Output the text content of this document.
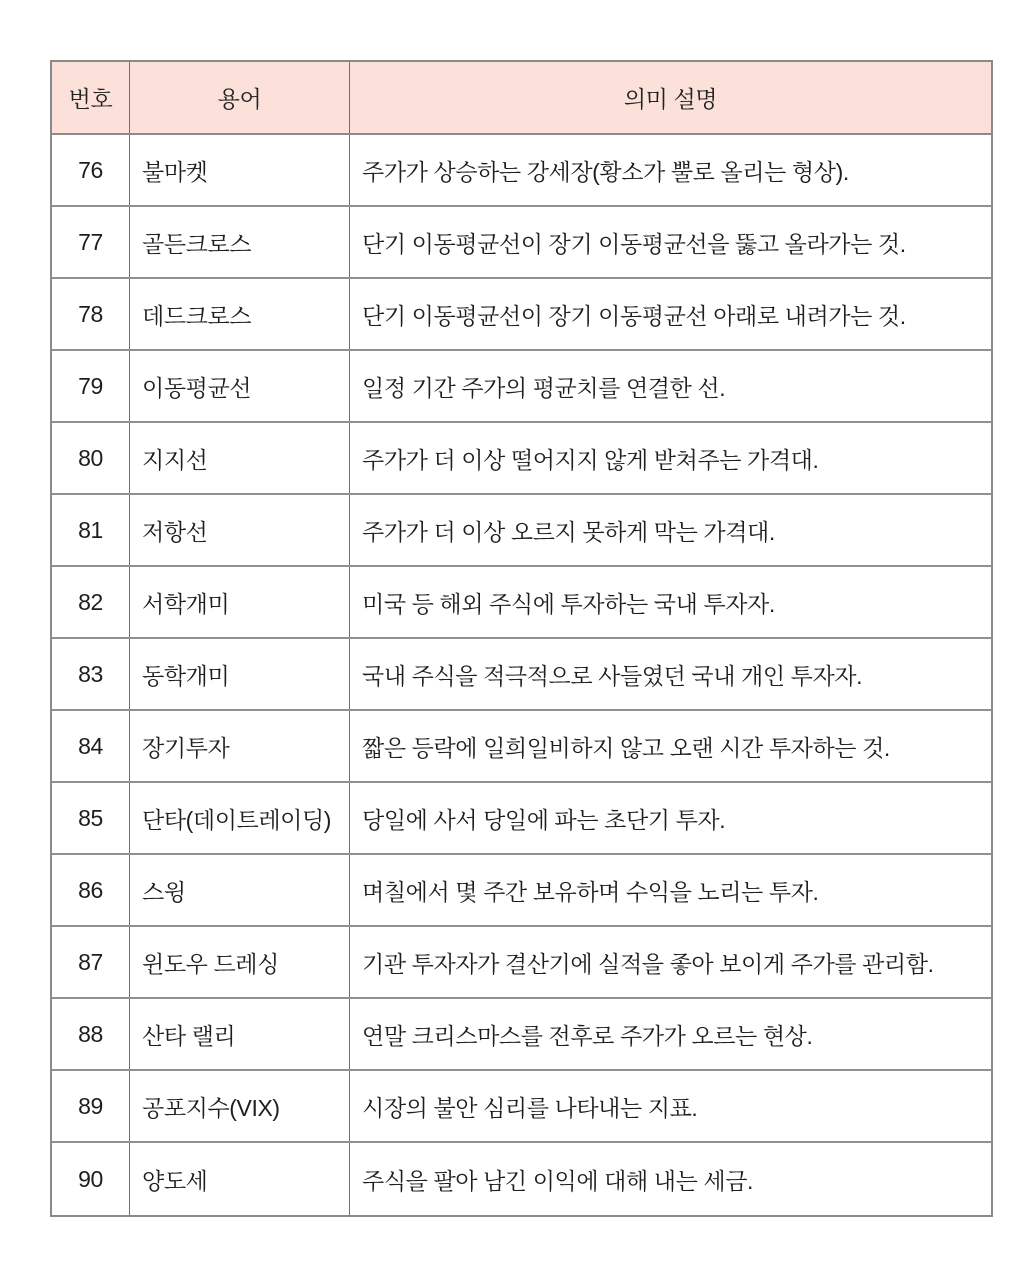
번호	용어	의미 설명
76	불마켓	주가가 상승하는 강세장(황소가 뿔로 올리는 형상).
77	골든크로스	단기 이동평균선이 장기 이동평균선을 뚫고 올라가는 것.
78	데드크로스	단기 이동평균선이 장기 이동평균선 아래로 내려가는 것.
79	이동평균선	일정 기간 주가의 평균치를 연결한 선.
80	지지선	주가가 더 이상 떨어지지 않게 받쳐주는 가격대.
81	저항선	주가가 더 이상 오르지 못하게 막는 가격대.
82	서학개미	미국 등 해외 주식에 투자하는 국내 투자자.
83	동학개미	국내 주식을 적극적으로 사들였던 국내 개인 투자자.
84	장기투자	짧은 등락에 일희일비하지 않고 오랜 시간 투자하는 것.
85	단타(데이트레이딩)	당일에 사서 당일에 파는 초단기 투자.
86	스윙	며칠에서 몇 주간 보유하며 수익을 노리는 투자.
87	윈도우 드레싱	기관 투자자가 결산기에 실적을 좋아 보이게 주가를 관리함.
88	산타 랠리	연말 크리스마스를 전후로 주가가 오르는 현상.
89	공포지수(VIX)	시장의 불안 심리를 나타내는 지표.
90	양도세	주식을 팔아 남긴 이익에 대해 내는 세금.
